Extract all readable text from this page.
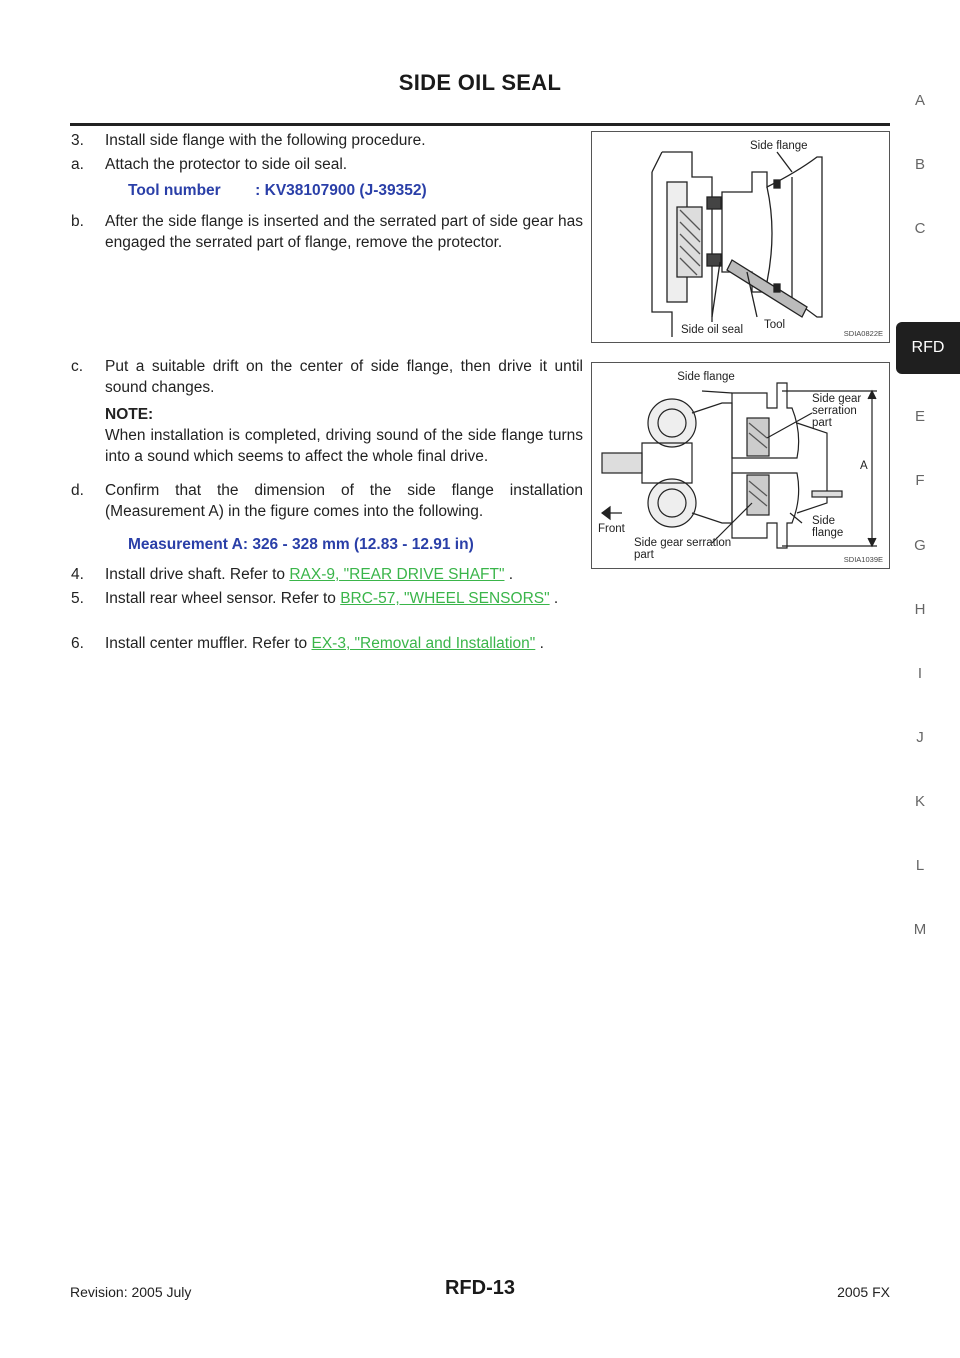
SIDE OIL SEAL
A
B
C
RFD
E
F
G
H
I
J
K
L
M
3. Install side flange with the following procedure.
a. Attach the protector to side oil seal.
Tool number        : KV38107900 (J-39352)
b. After the side flange is inserted and the serrated part of side gear has engaged the serrated part of flange, remove the protector.
c. Put a suitable drift on the center of side flange, then drive it until sound changes.
NOTE:
When installation is completed, driving sound of the side flange turns into a sound which seems to affect the whole final drive.
d. Confirm that the dimension of the side flange installation (Measurement A) in the figure comes into the following.
Measurement A: 326 - 328 mm (12.83 - 12.91 in)
4. Install drive shaft. Refer to RAX-9, "REAR DRIVE SHAFT" .
5. Install rear wheel sensor. Refer to BRC-57, "WHEEL SENSORS" .
6. Install center muffler. Refer to EX-3, "Removal and Installation" .
Side flange
Side oil seal Tool
SDIA0822E
Side flange
Side gear serration part
A
Side flange
Front
Side gear serration part	SDIA1039E
Revision: 2005 July	RFD-13	2005 FX
